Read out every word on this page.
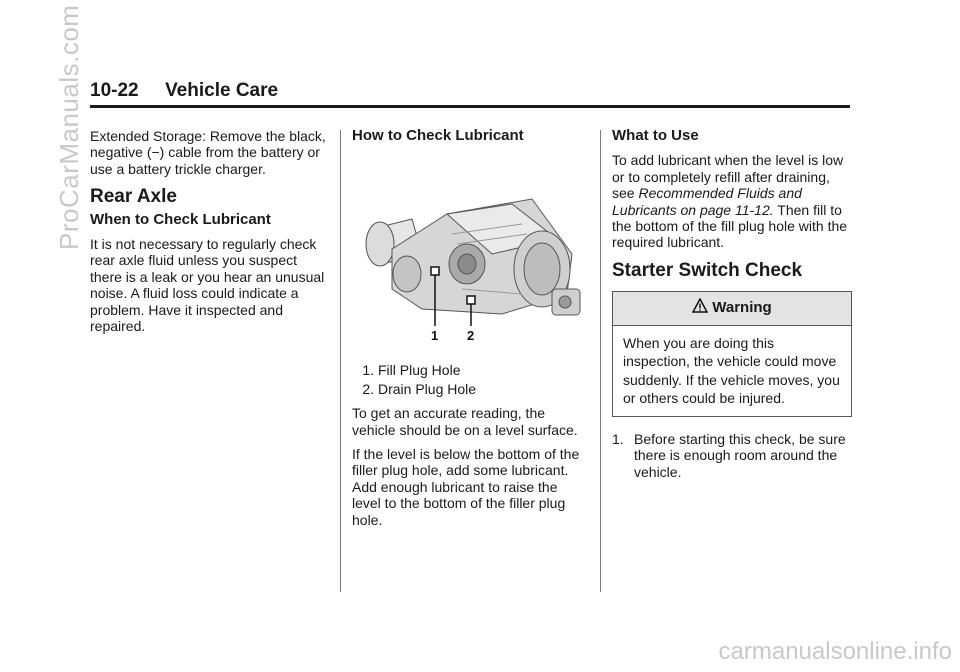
ProCarManuals.com
carmanualsonline.info
10-22 Vehicle Care

Extended Storage: Remove the black, negative (−) cable from the battery or use a battery trickle charger.

Rear Axle
When to Check Lubricant

It is not necessary to regularly check rear axle fluid unless you suspect there is a leak or you hear an unusual noise. A fluid loss could indicate a problem. Have it inspected and repaired.

How to Check Lubricant
1 2
1. Fill Plug Hole
2. Drain Plug Hole

To get an accurate reading, the vehicle should be on a level surface.

If the level is below the bottom of the filler plug hole, add some lubricant. Add enough lubricant to raise the level to the bottom of the filler plug hole.

What to Use

To add lubricant when the level is low or to completely refill after draining, see Recommended Fluids and Lubricants on page 11-12. Then fill to the bottom of the fill plug hole with the required lubricant.

Starter Switch Check
Warning
When you are doing this inspection, the vehicle could move suddenly. If the vehicle moves, you or others could be injured.
1. Before starting this check, be sure there is enough room around the vehicle.
